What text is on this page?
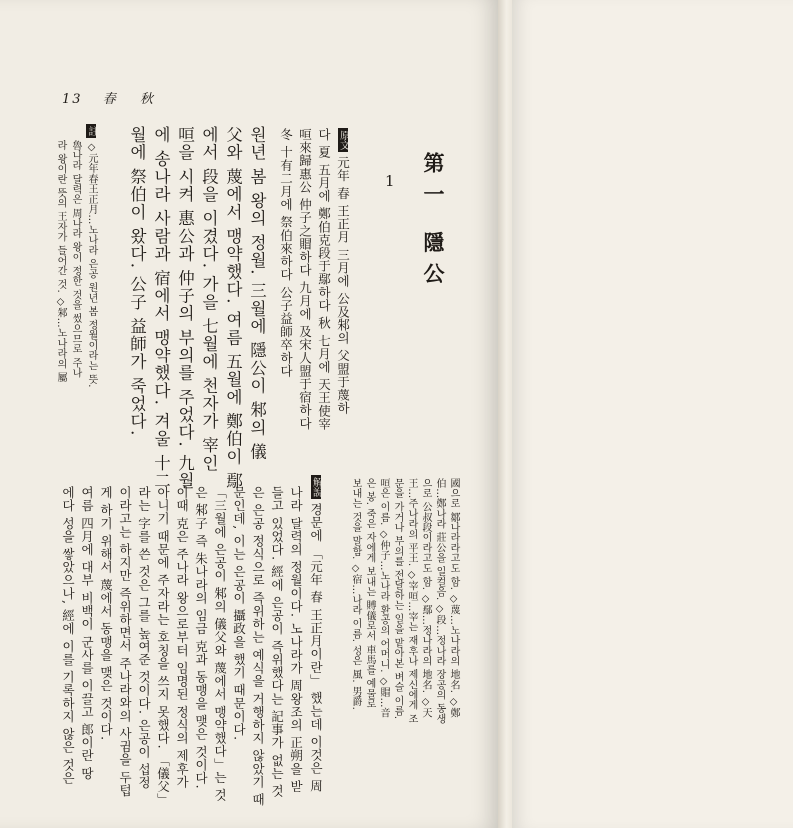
13 春 秋
第一 隱公
1
原文元年 春 王正月 三月에 公及邾의 父盟于蔑하
다 夏 五月에 鄭伯克段于鄢하다 秋 七月에 天王使宰
咺來歸惠公 仲子之賵하다 九月에 及宋人盟于宿하다
冬 十有二月에 祭伯來하다 公子益師卒하다
원년 봄 왕의 정월. 三월에 隱公이 邾의 儀
父와 蔑에서 맹약했다. 여름 五월에 鄭伯이 鄢
에서 段을 이겼다. 가을 七월에 천자가 宰인
咺을 시켜 惠公과 仲子의 부의를 주었다. 九월
에 송나라 사람과 宿에서 맹약했다. 겨울 十二
월에 祭伯이 왔다. 公子 益師가 죽었다.
註◇元年春王正月…노나라 은공 원년 봄 정월이라는 뜻.
魯나라 달력은 周나라 왕이 정한 것을 썼으므로 주나
라 왕이란 뜻의 王자가 들어간 것. ◇邾…노나라의 屬
國으로 鄒나라라고도 함. ◇蔑…노나라의 地名. ◇鄭
伯…鄭나라 莊公을 일컬음. ◇段…정나라 장공의 동생
으로 公叔段이라고도 함. ◇鄢…정나라의 地名. ◇天
王…주나라의 平王. ◇宰咺…宰는 재후나 제신에게 조
문을 가거나 부의를 전달하는 일을 맡아본 벼슬 이름.
咺은 이름. ◇仲子…노나라 환공의 어머니. ◇賵…音
은 봉. 죽은 자에게 보내는 賻儀로서 車馬를 예물로
보내는 것을 말함. ◇宿…나라 이름. 성은 風. 男爵.
解說경문에 「元年 春 王正月이란」 했는데 이것은 周
나라 달력의 정월이다. 노나라가 周왕조의 正朔을 받
들고 있었다. 經에 은공이 즉위했다는 記事가 없는 것
은 은공 정식으로 즉위하는 예식을 거행하지 않았기 때
문인데, 이는 은공이 攝政을 했기 때문이다.
「三월에 은공이 邾의 儀父와 蔑에서 맹약했다」는 것
은 邾子 즉 朱나라의 임금 克과 동맹을 맺은 것이다.
이때 克은 주나라 왕으로부터 임명된 정식의 제후가
아니기 때문에 주자라는 호칭을 쓰지 못했다. 「儀父」
라는 字를 쓴 것은 그를 높여준 것이다. 은공이 섭정
이라고는 하지만 즉위하면서 주나라와의 사귐을 두텁
게 하기 위해서 蔑에서 동맹을 맺은 것이다.
여름 四月에 대부 비백이 군사를 이끌고 郎이란 땅
에다 성을 쌓았으나, 經에 이를 기록하지 않은 것은
